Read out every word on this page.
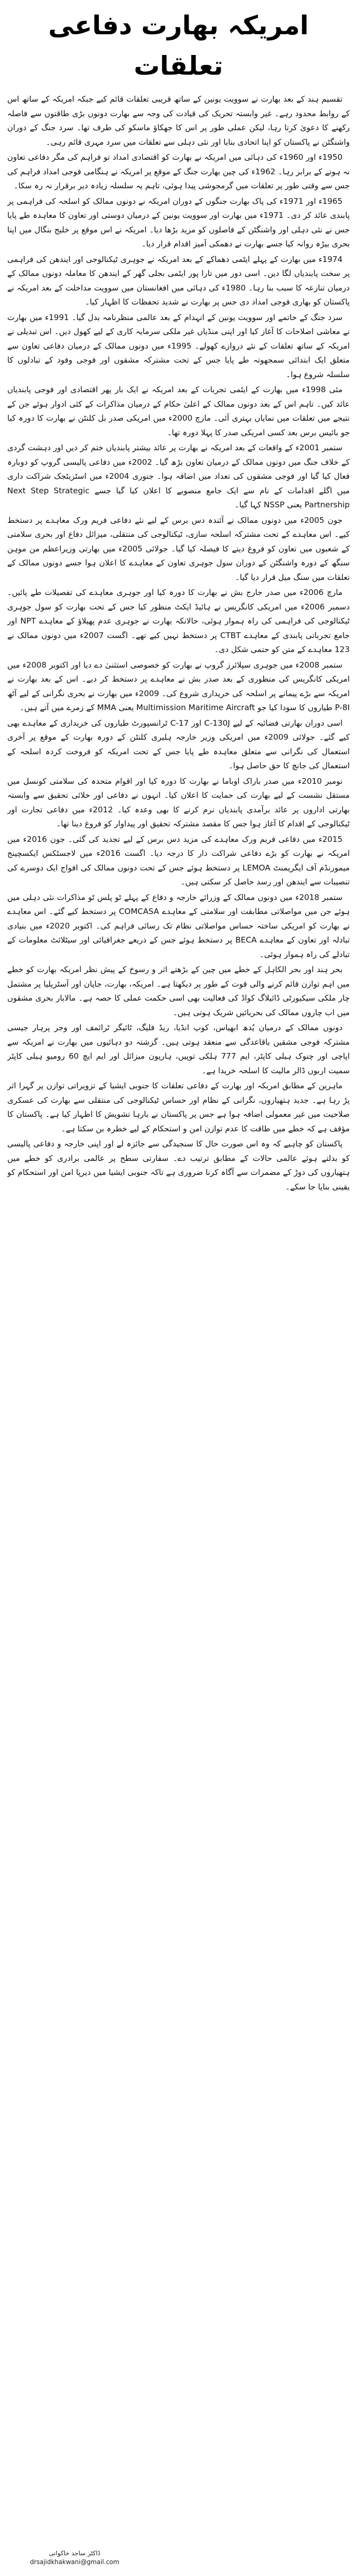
امریکہ بھارت دفاعی تعلقات

تقسیم ہند کے بعد بھارت نے سوویت یونین کے ساتھ قریبی تعلقات قائم کیے جبکہ امریکہ کے ساتھ اس کے روابط محدود رہے۔ غیر وابستہ تحریک کی قیادت کی وجہ سے بھارت دونوں بڑی طاقتوں سے فاصلہ رکھنے کا دعویٰ کرتا رہا، لیکن عملی طور پر اس کا جھکاؤ ماسکو کی طرف تھا۔ سرد جنگ کے دوران واشنگٹن نے پاکستان کو اپنا اتحادی بنایا اور نئی دہلی سے تعلقات میں سرد مہری قائم رہی۔

1950ء اور 1960ء کی دہائی میں امریکہ نے بھارت کو اقتصادی امداد تو فراہم کی مگر دفاعی تعاون نہ ہونے کے برابر رہا۔ 1962ء کی چین بھارت جنگ کے موقع پر امریکہ نے ہنگامی فوجی امداد فراہم کی جس سے وقتی طور پر تعلقات میں گرمجوشی پیدا ہوئی، تاہم یہ سلسلہ زیادہ دیر برقرار نہ رہ سکا۔

1965ء اور 1971ء کی پاک بھارت جنگوں کے دوران امریکہ نے دونوں ممالک کو اسلحہ کی فراہمی پر پابندی عائد کر دی۔ 1971ء میں بھارت اور سوویت یونین کے درمیان دوستی اور تعاون کا معاہدہ طے پایا جس نے نئی دہلی اور واشنگٹن کے فاصلوں کو مزید بڑھا دیا۔ امریکہ نے اس موقع پر خلیج بنگال میں اپنا بحری بیڑہ روانہ کیا جسے بھارت نے دھمکی آمیز اقدام قرار دیا۔

1974ء میں بھارت کے پہلے ایٹمی دھماکے کے بعد امریکہ نے جوہری ٹیکنالوجی اور ایندھن کی فراہمی پر سخت پابندیاں لگا دیں۔ اسی دور میں تارا پور ایٹمی بجلی گھر کے ایندھن کا معاملہ دونوں ممالک کے درمیان تنازعہ کا سبب بنا رہا۔ 1980ء کی دہائی میں افغانستان میں سوویت مداخلت کے بعد امریکہ نے پاکستان کو بھاری فوجی امداد دی جس پر بھارت نے شدید تحفظات کا اظہار کیا۔

سرد جنگ کے خاتمے اور سوویت یونین کے انہدام کے بعد عالمی منظرنامہ بدل گیا۔ 1991ء میں بھارت نے معاشی اصلاحات کا آغاز کیا اور اپنی منڈیاں غیر ملکی سرمایہ کاری کے لیے کھول دیں۔ اس تبدیلی نے امریکہ کے ساتھ تعلقات کے نئے دروازے کھولے۔ 1995ء میں دونوں ممالک کے درمیان دفاعی تعاون سے متعلق ایک ابتدائی سمجھوتہ طے پایا جس کے تحت مشترکہ مشقوں اور فوجی وفود کے تبادلوں کا سلسلہ شروع ہوا۔

مئی 1998ء میں بھارت کے ایٹمی تجربات کے بعد امریکہ نے ایک بار پھر اقتصادی اور فوجی پابندیاں عائد کیں۔ تاہم اس کے بعد دونوں ممالک کے اعلیٰ حکام کے درمیان مذاکرات کے کئی ادوار ہوئے جن کے نتیجے میں تعلقات میں نمایاں بہتری آئی۔ مارچ 2000ء میں امریکی صدر بل کلنٹن نے بھارت کا دورہ کیا جو بائیس برس بعد کسی امریکی صدر کا پہلا دورہ تھا۔

ستمبر 2001ء کے واقعات کے بعد امریکہ نے بھارت پر عائد بیشتر پابندیاں ختم کر دیں اور دہشت گردی کے خلاف جنگ میں دونوں ممالک کے درمیان تعاون بڑھ گیا۔ 2002ء میں دفاعی پالیسی گروپ کو دوبارہ فعال کیا گیا اور فوجی مشقوں کی تعداد میں اضافہ ہوا۔ جنوری 2004ء میں اسٹریٹجک شراکت داری میں اگلے اقدامات کے نام سے ایک جامع منصوبے کا اعلان کیا گیا جسے Next Step Strategic Partnership یعنی NSSP کہا گیا۔

جون 2005ء میں دونوں ممالک نے آئندہ دس برس کے لیے نئے دفاعی فریم ورک معاہدے پر دستخط کیے۔ اس معاہدے کے تحت مشترکہ اسلحہ سازی، ٹیکنالوجی کی منتقلی، میزائل دفاع اور بحری سلامتی کے شعبوں میں تعاون کو فروغ دینے کا فیصلہ کیا گیا۔ جولائی 2005ء میں بھارتی وزیراعظم من موہن سنگھ کے دورہ واشنگٹن کے دوران سول جوہری تعاون کے معاہدے کا اعلان ہوا جسے دونوں ممالک کے تعلقات میں سنگ میل قرار دیا گیا۔

مارچ 2006ء میں صدر جارج بش نے بھارت کا دورہ کیا اور جوہری معاہدے کی تفصیلات طے پائیں۔ دسمبر 2006ء میں امریکی کانگریس نے ہائیڈ ایکٹ منظور کیا جس کے تحت بھارت کو سول جوہری ٹیکنالوجی کی فراہمی کی راہ ہموار ہوئی، حالانکہ بھارت نے جوہری عدم پھیلاؤ کے معاہدے NPT اور جامع تجرباتی پابندی کے معاہدے CTBT پر دستخط نہیں کیے تھے۔ اگست 2007ء میں دونوں ممالک نے 123 معاہدے کے متن کو حتمی شکل دی۔

ستمبر 2008ء میں جوہری سپلائرز گروپ نے بھارت کو خصوصی استثنیٰ دے دیا اور اکتوبر 2008ء میں امریکی کانگریس کی منظوری کے بعد صدر بش نے معاہدے پر دستخط کر دیے۔ اس کے بعد بھارت نے امریکہ سے بڑے پیمانے پر اسلحہ کی خریداری شروع کی۔ 2009ء میں بھارت نے بحری نگرانی کے لیے آٹھ P-8I طیاروں کا سودا کیا جو Multimission Maritime Aircraft یعنی MMA کے زمرے میں آتے ہیں۔

اسی دوران بھارتی فضائیہ کے لیے C-130J اور C-17 ٹرانسپورٹ طیاروں کی خریداری کے معاہدے بھی کیے گئے۔ جولائی 2009ء میں امریکی وزیر خارجہ ہلیری کلنٹن کے دورہ بھارت کے موقع پر آخری استعمال کی نگرانی سے متعلق معاہدہ طے پایا جس کے تحت امریکہ کو فروخت کردہ اسلحہ کے استعمال کی جانچ کا حق حاصل ہوا۔

نومبر 2010ء میں صدر باراک اوباما نے بھارت کا دورہ کیا اور اقوام متحدہ کی سلامتی کونسل میں مستقل نشست کے لیے بھارت کی حمایت کا اعلان کیا۔ انہوں نے دفاعی اور خلائی تحقیق سے وابستہ بھارتی اداروں پر عائد برآمدی پابندیاں نرم کرنے کا بھی وعدہ کیا۔ 2012ء میں دفاعی تجارت اور ٹیکنالوجی کے اقدام کا آغاز ہوا جس کا مقصد مشترکہ تحقیق اور پیداوار کو فروغ دینا تھا۔

2015ء میں دفاعی فریم ورک معاہدے کی مزید دس برس کے لیے تجدید کی گئی۔ جون 2016ء میں امریکہ نے بھارت کو بڑے دفاعی شراکت دار کا درجہ دیا۔ اگست 2016ء میں لاجسٹکس ایکسچینج میمورنڈم آف ایگریمنٹ LEMOA پر دستخط ہوئے جس کے تحت دونوں ممالک کی افواج ایک دوسرے کی تنصیبات سے ایندھن اور رسد حاصل کر سکتی ہیں۔

ستمبر 2018ء میں دونوں ممالک کے وزرائے خارجہ و دفاع کے پہلے ٹو پلس ٹو مذاکرات نئی دہلی میں ہوئے جن میں مواصلاتی مطابقت اور سلامتی کے معاہدے COMCASA پر دستخط کیے گئے۔ اس معاہدے نے بھارت کو امریکی ساختہ حساس مواصلاتی نظام تک رسائی فراہم کی۔ اکتوبر 2020ء میں بنیادی تبادلہ اور تعاون کے معاہدے BECA پر دستخط ہوئے جس کے ذریعے جغرافیائی اور سیٹلائٹ معلومات کے تبادلے کی راہ ہموار ہوئی۔

بحر ہند اور بحر الکاہل کے خطے میں چین کے بڑھتے اثر و رسوخ کے پیش نظر امریکہ بھارت کو خطے میں اہم توازن قائم کرنے والی قوت کے طور پر دیکھتا ہے۔ امریکہ، بھارت، جاپان اور آسٹریلیا پر مشتمل چار ملکی سیکیورٹی ڈائیلاگ کواڈ کی فعالیت بھی اسی حکمت عملی کا حصہ ہے۔ مالابار بحری مشقوں میں اب چاروں ممالک کی بحریائیں شریک ہوتی ہیں۔

دونوں ممالک کے درمیان یُدھ ابھیاس، کوپ انڈیا، ریڈ فلیگ، ٹائیگر ٹرائمف اور وجر پرہار جیسی مشترکہ فوجی مشقیں باقاعدگی سے منعقد ہوتی ہیں۔ گزشتہ دو دہائیوں میں بھارت نے امریکہ سے اپاچی اور چنوک ہیلی کاپٹر، ایم 777 ہلکی توپیں، ہارپون میزائل اور ایم ایچ 60 رومیو ہیلی کاپٹر سمیت اربوں ڈالر مالیت کا اسلحہ خریدا ہے۔

ماہرین کے مطابق امریکہ اور بھارت کے دفاعی تعلقات کا جنوبی ایشیا کے تزویراتی توازن پر گہرا اثر پڑ رہا ہے۔ جدید ہتھیاروں، نگرانی کے نظام اور حساس ٹیکنالوجی کی منتقلی سے بھارت کی عسکری صلاحیت میں غیر معمولی اضافہ ہوا ہے جس پر پاکستان نے بارہا تشویش کا اظہار کیا ہے۔ پاکستان کا مؤقف ہے کہ خطے میں طاقت کا عدم توازن امن و استحکام کے لیے خطرہ بن سکتا ہے۔

پاکستان کو چاہیے کہ وہ اس صورت حال کا سنجیدگی سے جائزہ لے اور اپنی خارجہ و دفاعی پالیسی کو بدلتے ہوئے عالمی حالات کے مطابق ترتیب دے۔ سفارتی سطح پر عالمی برادری کو خطے میں ہتھیاروں کی دوڑ کے مضمرات سے آگاہ کرنا ضروری ہے تاکہ جنوبی ایشیا میں دیرپا امن اور استحکام کو یقینی بنایا جا سکے۔

ڈاکٹر ساجد خاکوانی
drsajidkhakwani@gmail.com
